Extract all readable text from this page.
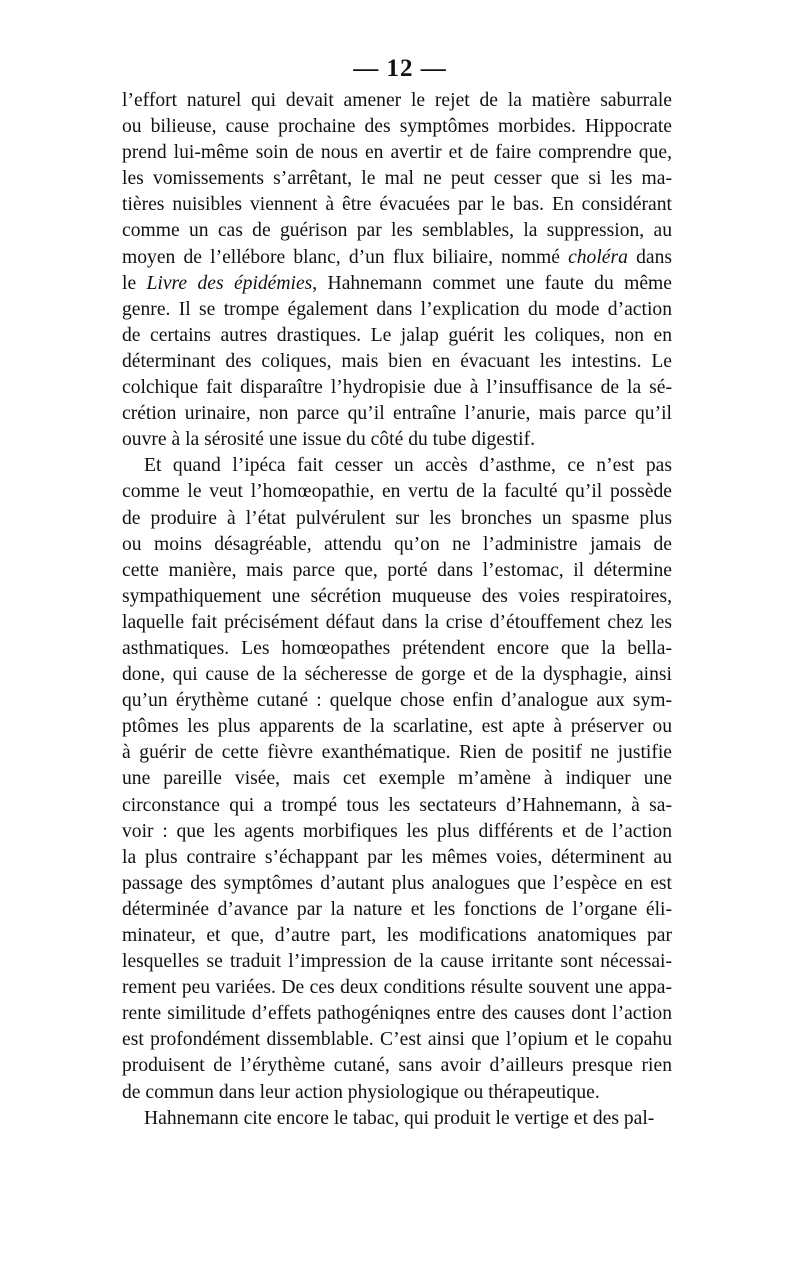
— 12 —
l’effort naturel qui devait amener le rejet de la matière saburrale
ou bilieuse, cause prochaine des symptômes morbides. Hippocrate
prend lui-même soin de nous en avertir et de faire comprendre que,
les vomissements s’arrêtant, le mal ne peut cesser que si les ma-
tières nuisibles viennent à être évacuées par le bas. En considérant
comme un cas de guérison par les semblables, la suppression, au
moyen de l’ellébore blanc, d’un flux biliaire, nommé choléra dans
le Livre des épidémies, Hahnemann commet une faute du même
genre. Il se trompe également dans l’explication du mode d’action
de certains autres drastiques. Le jalap guérit les coliques, non en
déterminant des coliques, mais bien en évacuant les intestins. Le
colchique fait disparaître l’hydropisie due à l’insuffisance de la sé-
crétion urinaire, non parce qu’il entraîne l’anurie, mais parce qu’il
ouvre à la sérosité une issue du côté du tube digestif.
Et quand l’ipéca fait cesser un accès d’asthme, ce n’est pas
comme le veut l’homœopathie, en vertu de la faculté qu’il possède
de produire à l’état pulvérulent sur les bronches un spasme plus
ou moins désagréable, attendu qu’on ne l’administre jamais de
cette manière, mais parce que, porté dans l’estomac, il détermine
sympathiquement une sécrétion muqueuse des voies respiratoires,
laquelle fait précisément défaut dans la crise d’étouffement chez les
asthmatiques. Les homœopathes prétendent encore que la bella-
done, qui cause de la sécheresse de gorge et de la dysphagie, ainsi
qu’un érythème cutané : quelque chose enfin d’analogue aux sym-
ptômes les plus apparents de la scarlatine, est apte à préserver ou
à guérir de cette fièvre exanthématique. Rien de positif ne justifie
une pareille visée, mais cet exemple m’amène à indiquer une
circonstance qui a trompé tous les sectateurs d’Hahnemann, à sa-
voir : que les agents morbifiques les plus différents et de l’action
la plus contraire s’échappant par les mêmes voies, déterminent au
passage des symptômes d’autant plus analogues que l’espèce en est
déterminée d’avance par la nature et les fonctions de l’organe éli-
minateur, et que, d’autre part, les modifications anatomiques par
lesquelles se traduit l’impression de la cause irritante sont nécessai-
rement peu variées. De ces deux conditions résulte souvent une appa-
rente similitude d’effets pathogéniqnes entre des causes dont l’action
est profondément dissemblable. C’est ainsi que l’opium et le copahu
produisent de l’érythème cutané, sans avoir d’ailleurs presque rien
de commun dans leur action physiologique ou thérapeutique.
Hahnemann cite encore le tabac, qui produit le vertige et des pal-
